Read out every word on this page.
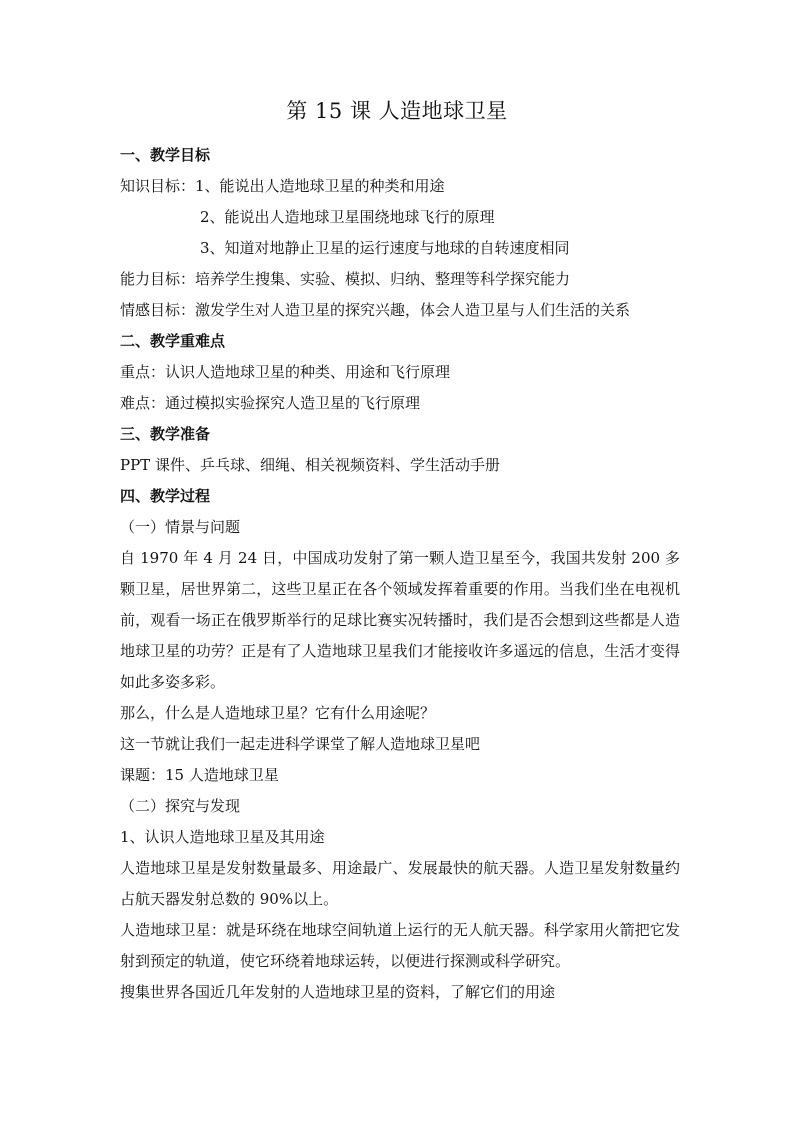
第 15 课 人造地球卫星
一、教学目标
知识目标：1、能说出人造地球卫星的种类和用途
2、能说出人造地球卫星围绕地球飞行的原理
3、知道对地静止卫星的运行速度与地球的自转速度相同
能力目标：培养学生搜集、实验、模拟、归纳、整理等科学探究能力
情感目标：激发学生对人造卫星的探究兴趣，体会人造卫星与人们生活的关系
二、教学重难点
重点：认识人造地球卫星的种类、用途和飞行原理
难点：通过模拟实验探究人造卫星的飞行原理
三、教学准备
PPT 课件、乒乓球、细绳、相关视频资料、学生活动手册
四、教学过程
（一）情景与问题
自 1970 年 4 月 24 日，中国成功发射了第一颗人造卫星至今，我国共发射 200 多颗卫星，居世界第二，这些卫星正在各个领域发挥着重要的作用。当我们坐在电视机前，观看一场正在俄罗斯举行的足球比赛实况转播时，我们是否会想到这些都是人造地球卫星的功劳？正是有了人造地球卫星我们才能接收许多遥远的信息，生活才变得如此多姿多彩。
那么，什么是人造地球卫星？它有什么用途呢？
这一节就让我们一起走进科学课堂了解人造地球卫星吧
课题：15 人造地球卫星
（二）探究与发现
1、认识人造地球卫星及其用途
人造地球卫星是发射数量最多、用途最广、发展最快的航天器。人造卫星发射数量约占航天器发射总数的 90%以上。
人造地球卫星：就是环绕在地球空间轨道上运行的无人航天器。科学家用火箭把它发射到预定的轨道，使它环绕着地球运转，以便进行探测或科学研究。
搜集世界各国近几年发射的人造地球卫星的资料，了解它们的用途
